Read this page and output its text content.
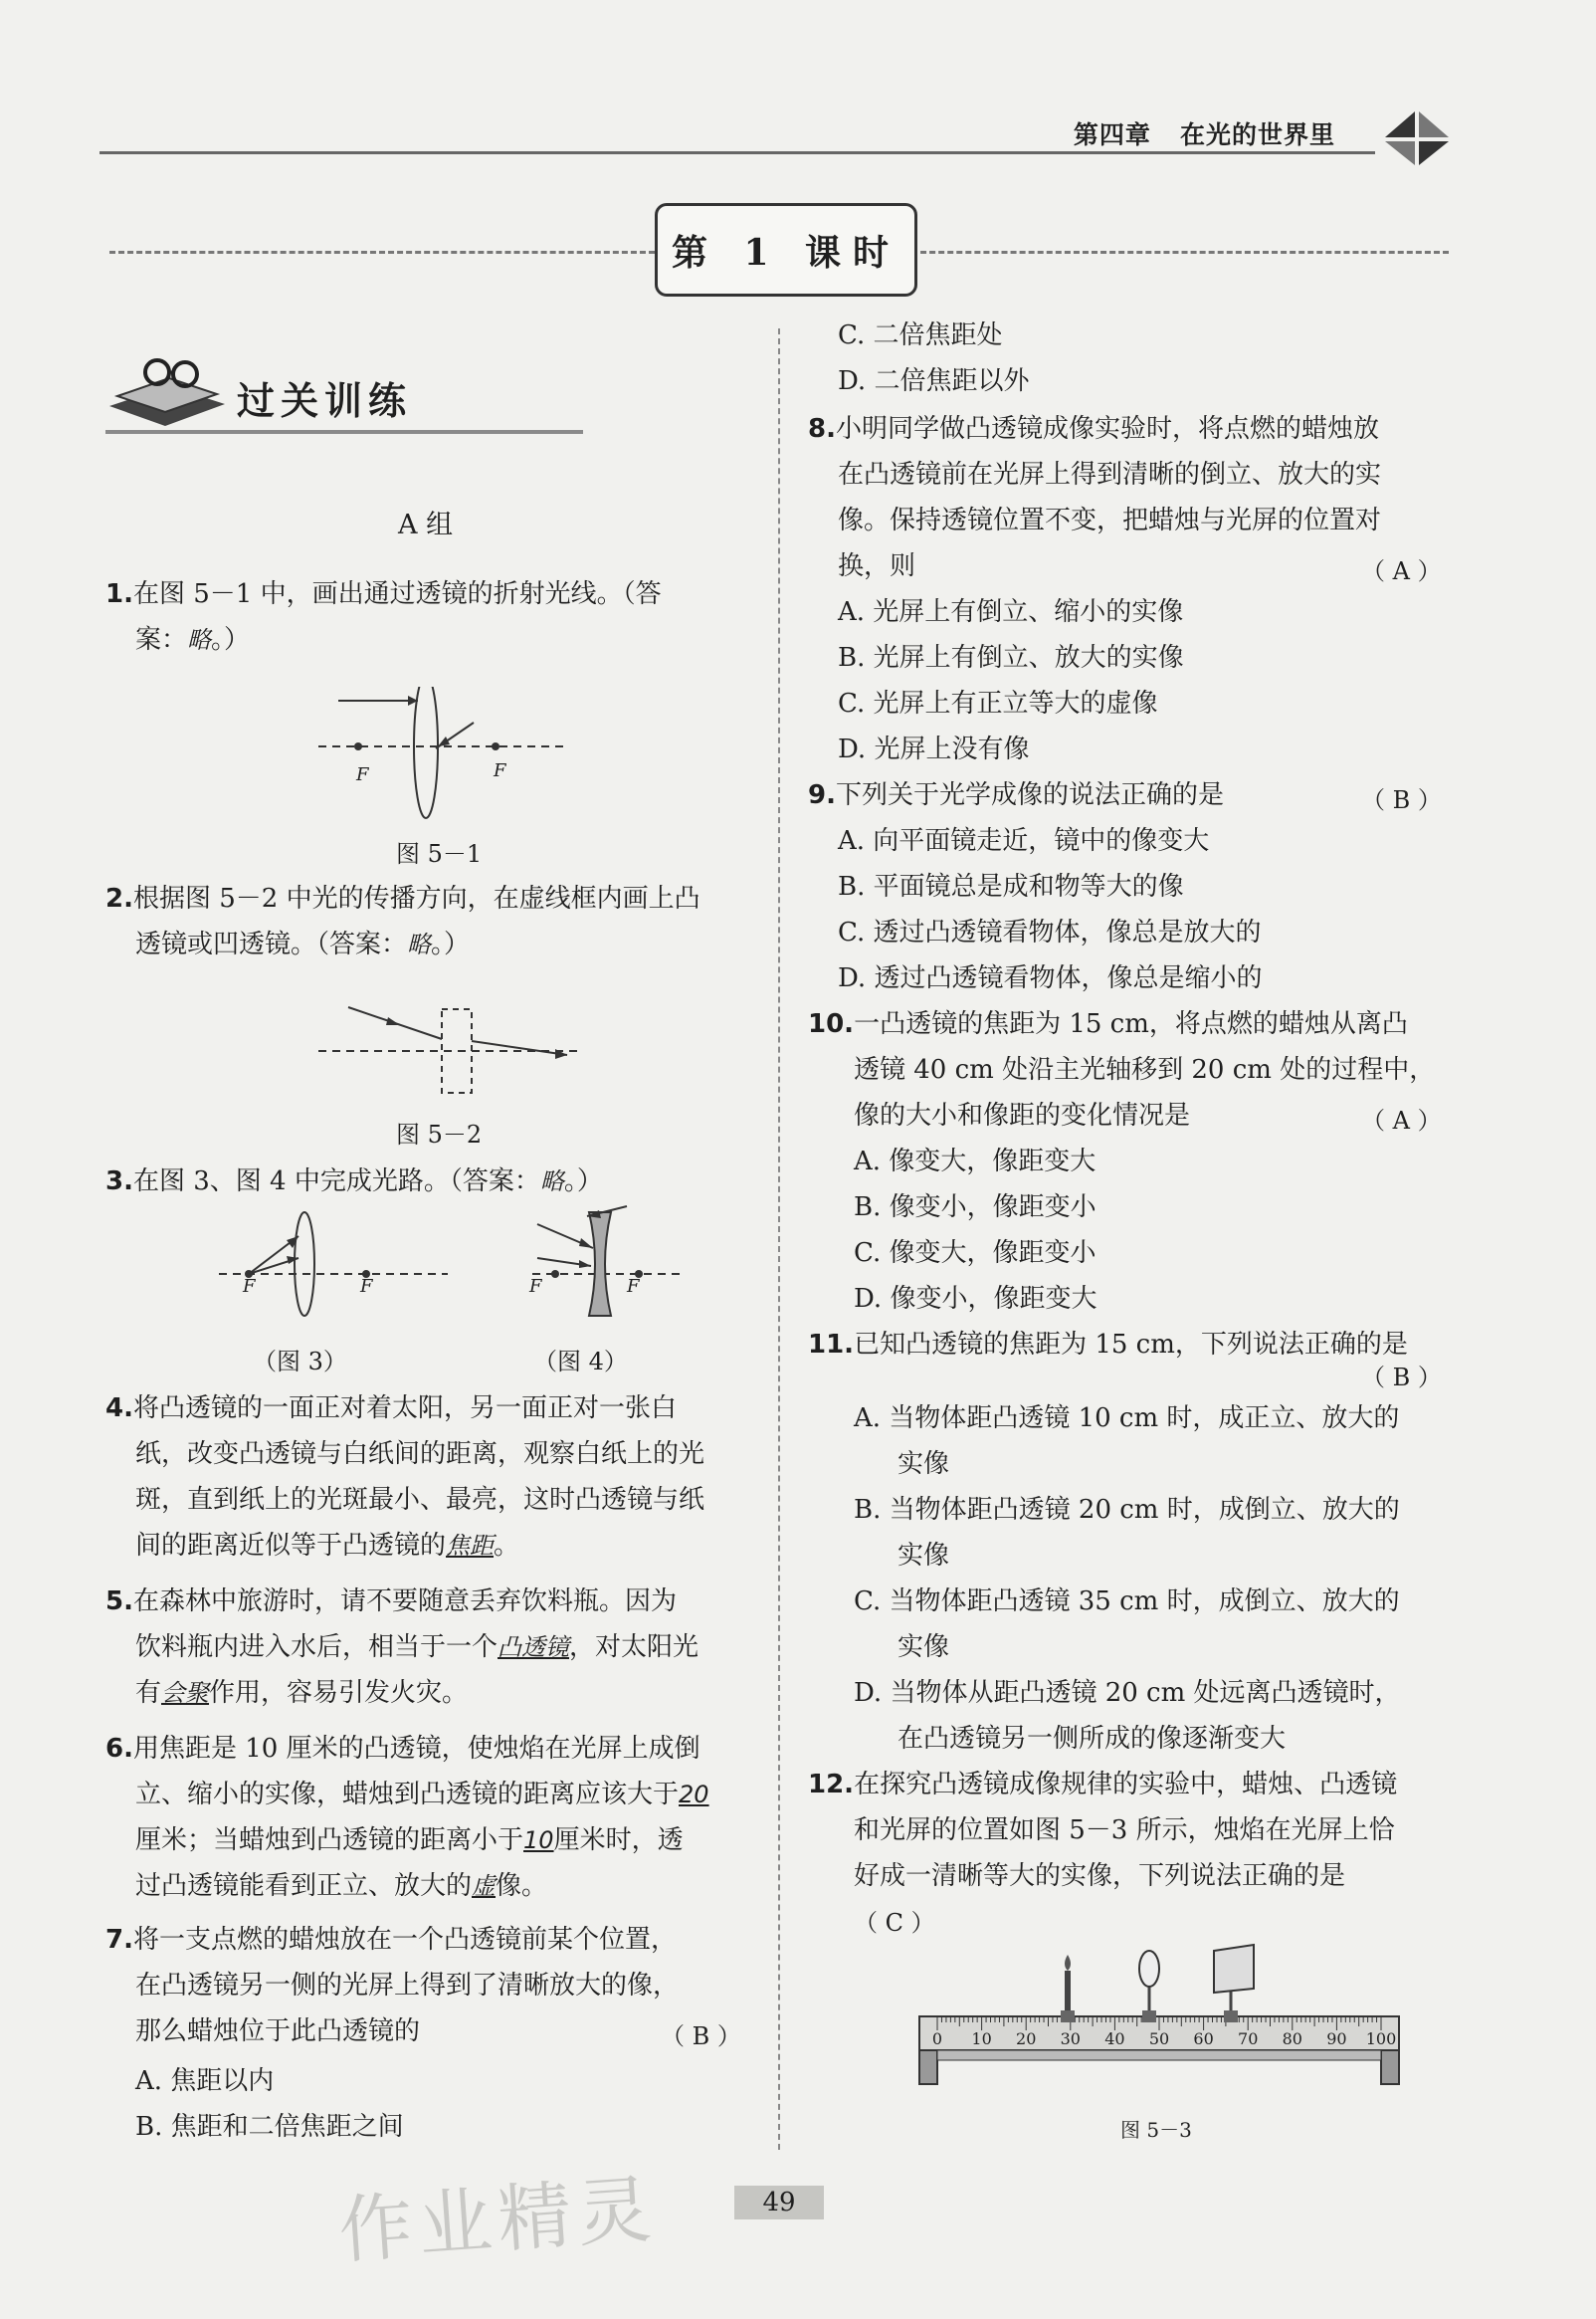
第四章 在光的世界里
第 1 课时
过关训练
A 组
1.在图 5－1 中，画出通过透镜的折射光线。（答
案：略。）
F	F
图 5－1
2.根据图 5－2 中光的传播方向，在虚线框内画上凸
透镜或凹透镜。（答案：略。）
图 5－2
3.在图 3、图 4 中完成光路。（答案：略。）
F	F	F	F
（图 3）	（图 4）
4.将凸透镜的一面正对着太阳，另一面正对一张白
纸，改变凸透镜与白纸间的距离，观察白纸上的光
斑，直到纸上的光斑最小、最亮，这时凸透镜与纸
间的距离近似等于凸透镜的焦距。
5.在森林中旅游时，请不要随意丢弃饮料瓶。因为
饮料瓶内进入水后，相当于一个凸透镜，对太阳光
有会聚作用，容易引发火灾。
6.用焦距是 10 厘米的凸透镜，使烛焰在光屏上成倒
立、缩小的实像，蜡烛到凸透镜的距离应该大于20
厘米；当蜡烛到凸透镜的距离小于10厘米时，透
过凸透镜能看到正立、放大的虚像。
7.将一支点燃的蜡烛放在一个凸透镜前某个位置，
在凸透镜另一侧的光屏上得到了清晰放大的像，
那么蜡烛位于此凸透镜的	（ B ）
A. 焦距以内
B. 焦距和二倍焦距之间
C. 二倍焦距处
D. 二倍焦距以外
8.小明同学做凸透镜成像实验时，将点燃的蜡烛放
在凸透镜前在光屏上得到清晰的倒立、放大的实
像。保持透镜位置不变，把蜡烛与光屏的位置对
换，则	（ A ）
A. 光屏上有倒立、缩小的实像
B. 光屏上有倒立、放大的实像
C. 光屏上有正立等大的虚像
D. 光屏上没有像
9.下列关于光学成像的说法正确的是	（ B ）
A. 向平面镜走近，镜中的像变大
B. 平面镜总是成和物等大的像
C. 透过凸透镜看物体，像总是放大的
D. 透过凸透镜看物体，像总是缩小的
10.一凸透镜的焦距为 15 cm，将点燃的蜡烛从离凸
透镜 40 cm 处沿主光轴移到 20 cm 处的过程中，
像的大小和像距的变化情况是	（ A ）
A. 像变大，像距变大
B. 像变小，像距变小
C. 像变大，像距变小
D. 像变小，像距变大
11.已知凸透镜的焦距为 15 cm，下列说法正确的是
（ B ）
A. 当物体距凸透镜 10 cm 时，成正立、放大的
实像
B. 当物体距凸透镜 20 cm 时，成倒立、放大的
实像
C. 当物体距凸透镜 35 cm 时，成倒立、放大的
实像
D. 当物体从距凸透镜 20 cm 处远离凸透镜时，
在凸透镜另一侧所成的像逐渐变大
12.在探究凸透镜成像规律的实验中，蜡烛、凸透镜
和光屏的位置如图 5－3 所示，烛焰在光屏上恰
好成一清晰等大的实像，下列说法正确的是
（ C ）
0 10 20 30 40 50 60 70 80 90 100
图 5－3
49
作业精灵
